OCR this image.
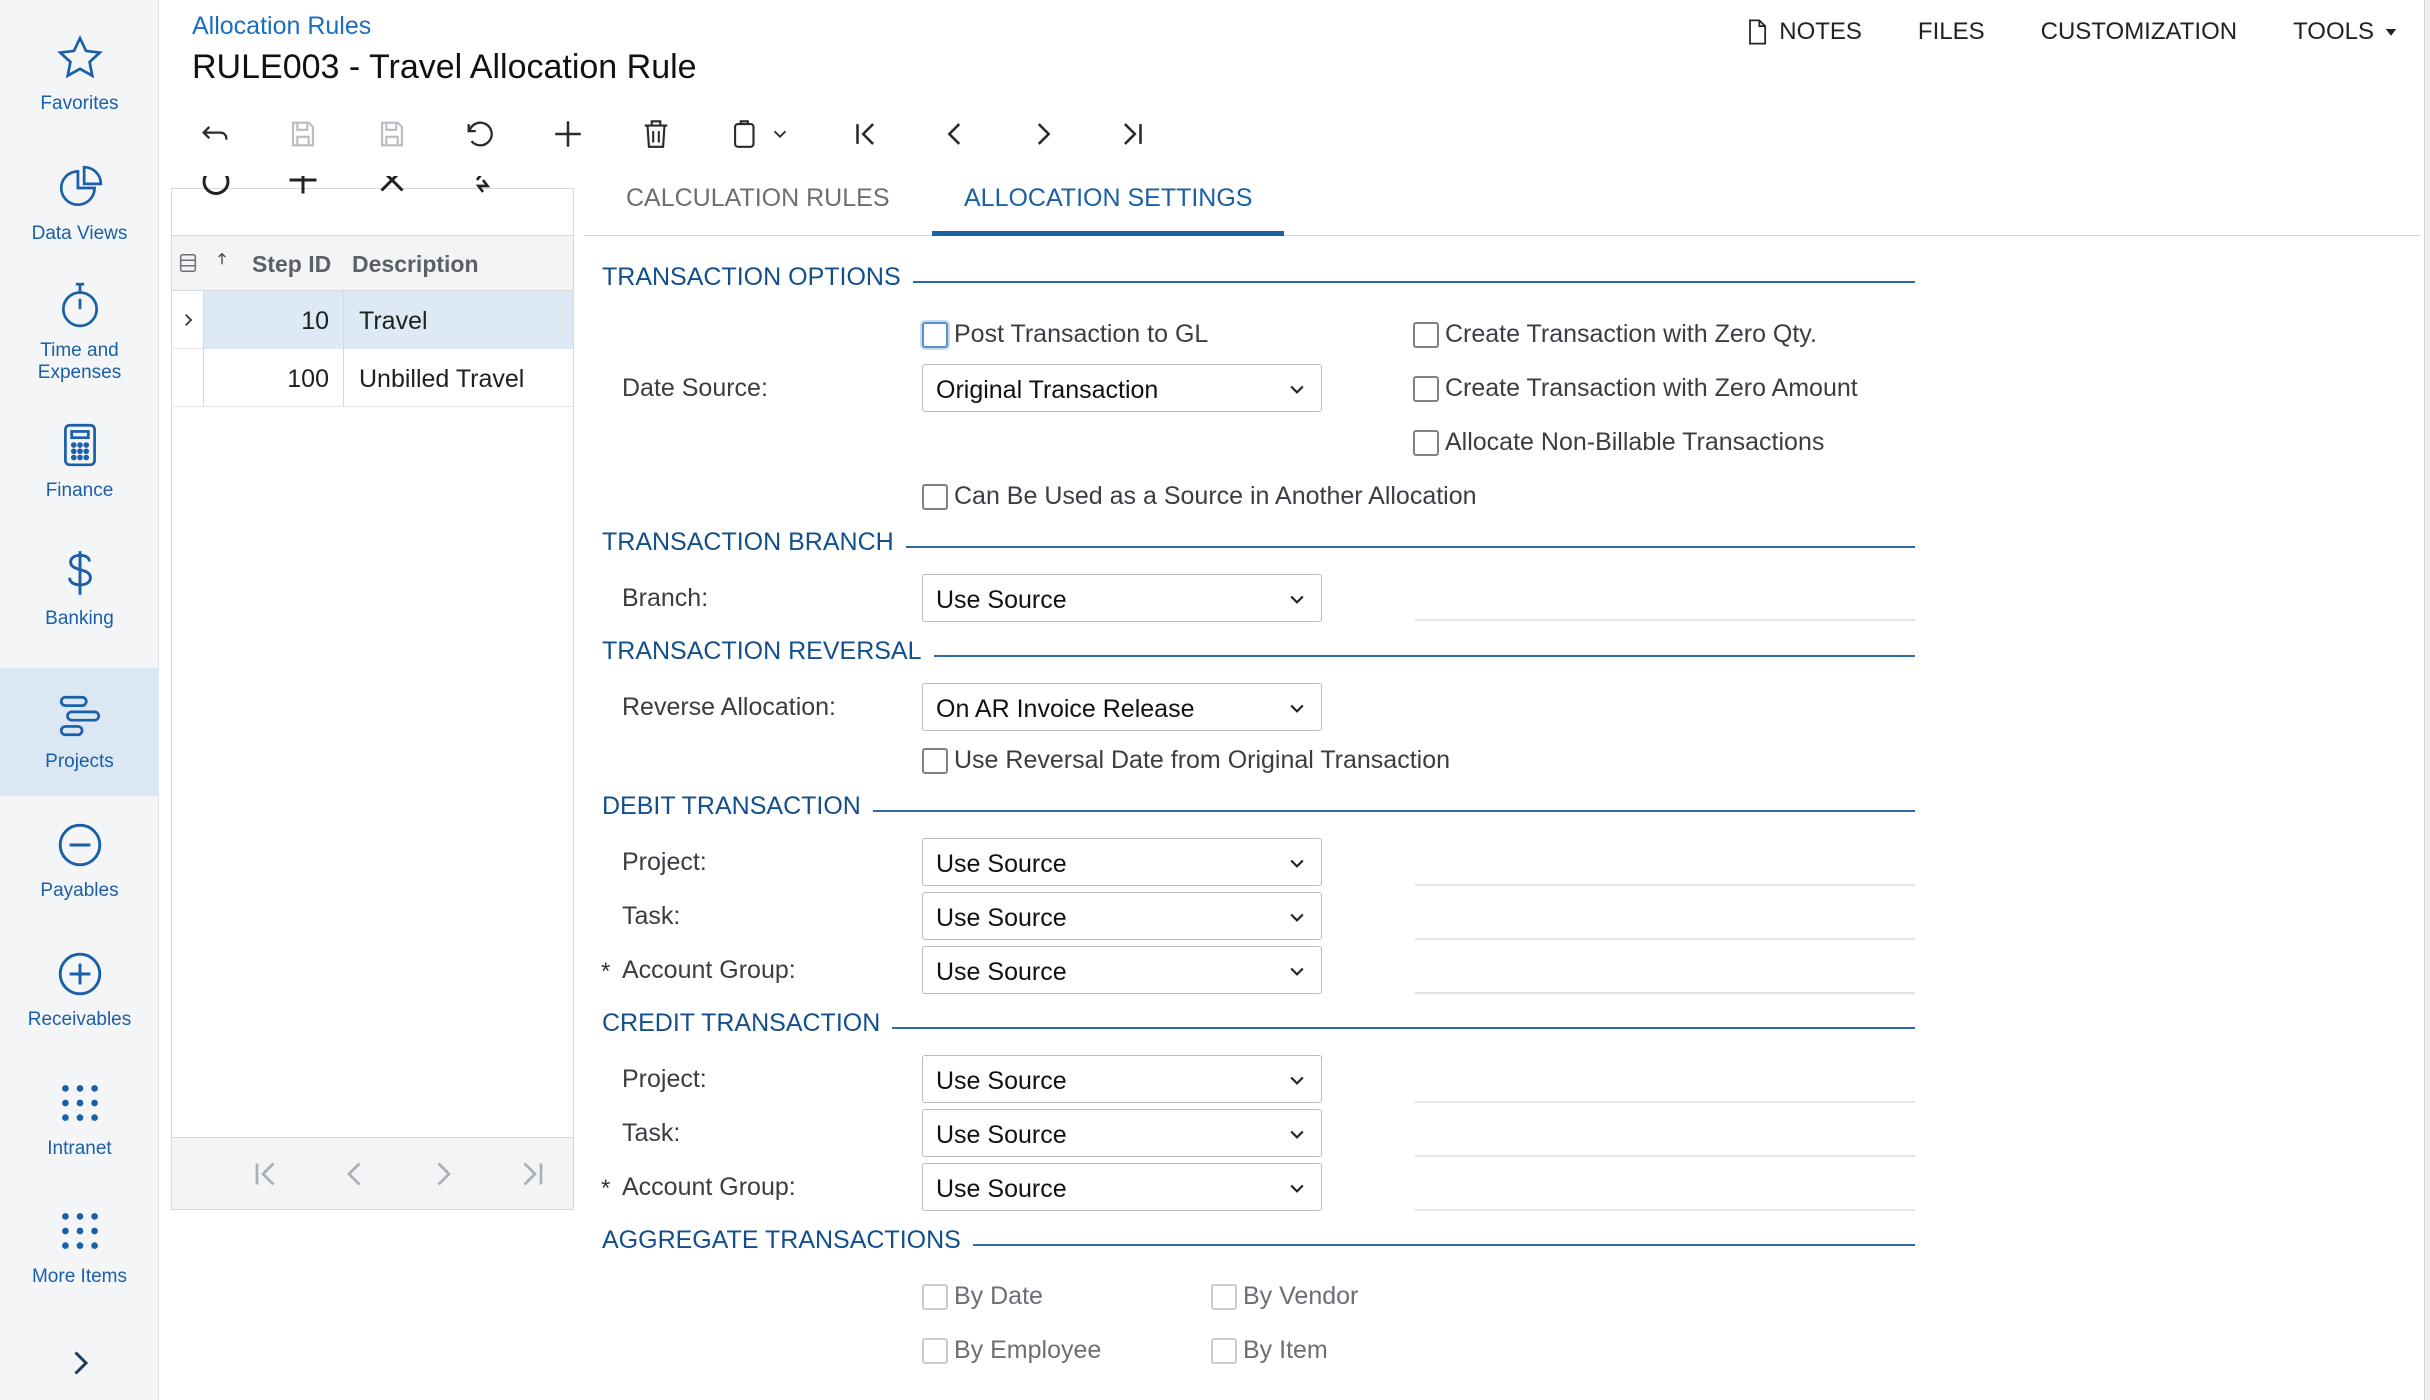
Favorites
Data Views
Time and
Expenses
Finance
Banking
Projects
Payables
Receivables
Intranet
More Items
Allocation Rules
RULE003 - Travel Allocation Rule
NOTES FILES CUSTOMIZATION TOOLS
Step ID Description
10	Travel
100	Unbilled Travel
CALCULATION RULES	ALLOCATION SETTINGS
TRANSACTION OPTIONS
Post Transaction to GL
Date Source:	Original Transaction
Create Transaction with Zero Qty.
Create Transaction with Zero Amount
Allocate Non-Billable Transactions
Can Be Used as a Source in Another Allocation
TRANSACTION BRANCH
Branch:	Use Source
TRANSACTION REVERSAL
Reverse Allocation:	On AR Invoice Release
Use Reversal Date from Original Transaction
DEBIT TRANSACTION
Project:	Use Source
Task:	Use Source
* Account Group:	Use Source
CREDIT TRANSACTION
Project:	Use Source
Task:	Use Source
* Account Group:	Use Source
AGGREGATE TRANSACTIONS
By Date	By Vendor
By Employee	By Item
